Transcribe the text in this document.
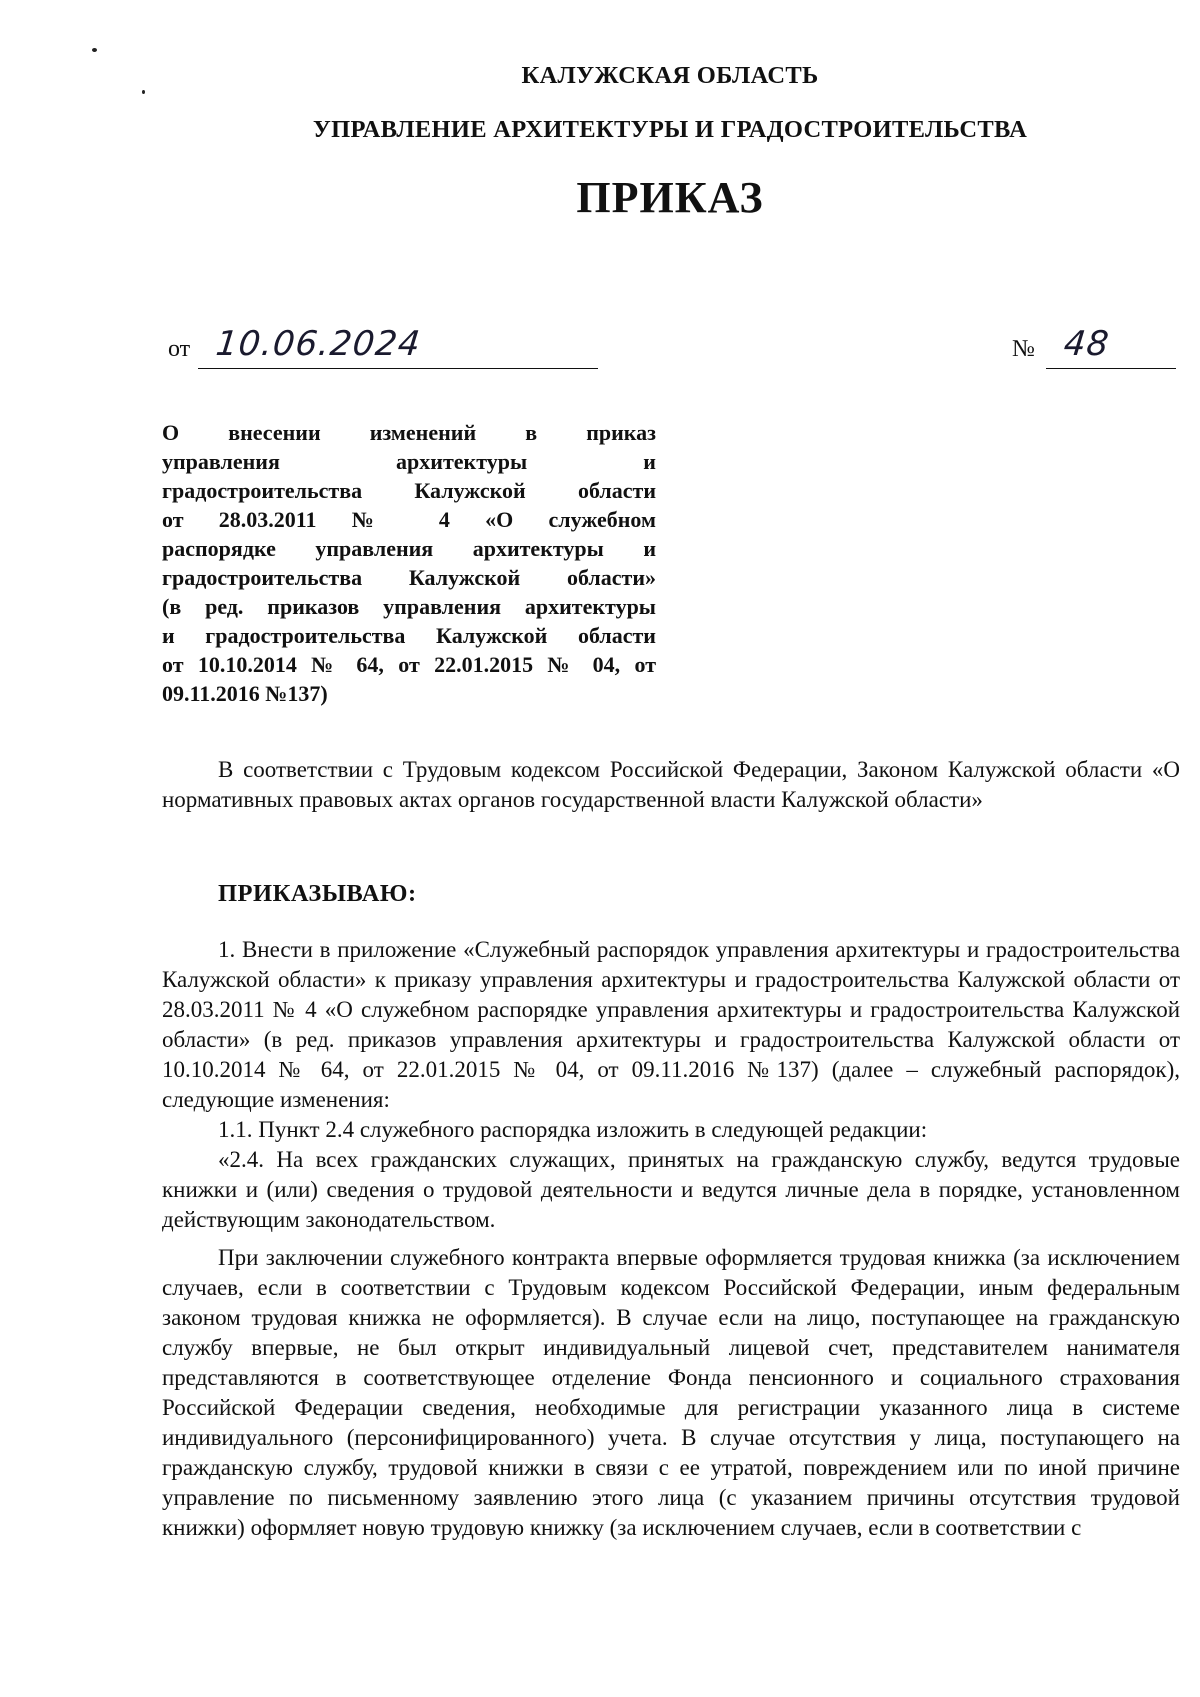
КАЛУЖСКАЯ ОБЛАСТЬ
УПРАВЛЕНИЕ АРХИТЕКТУРЫ И ГРАДОСТРОИТЕЛЬСТВА
ПРИКАЗ
от 10.06.2024	№ 48
О внесении изменений в приказ
управления архитектуры и
градостроительства Калужской области
от 28.03.2011 № 4 «О служебном
распорядке управления архитектуры и
градостроительства Калужской области»
(в ред. приказов управления архитектуры
и градостроительства Калужской области
от 10.10.2014 № 64, от 22.01.2015 № 04, от
09.11.2016 №137)
В соответствии с Трудовым кодексом Российской Федерации, Законом Калужской области «О нормативных правовых актах органов государственной власти Калужской области»
ПРИКАЗЫВАЮ:

1. Внести в приложение «Служебный распорядок управления архитектуры и градостроительства Калужской области» к приказу управления архитектуры и градостроительства Калужской области от 28.03.2011 № 4 «О служебном распорядке управления архитектуры и градостроительства Калужской области» (в ред. приказов управления архитектуры и градостроительства Калужской области от 10.10.2014 № 64, от 22.01.2015 № 04, от 09.11.2016 №137) (далее – служебный распорядок), следующие изменения:

1.1. Пункт 2.4 служебного распорядка изложить в следующей редакции:

«2.4. На всех гражданских служащих, принятых на гражданскую службу, ведутся трудовые книжки и (или) сведения о трудовой деятельности и ведутся личные дела в порядке, установленном действующим законодательством.

При заключении служебного контракта впервые оформляется трудовая книжка (за исключением случаев, если в соответствии с Трудовым кодексом Российской Федерации, иным федеральным законом трудовая книжка не оформляется). В случае если на лицо, поступающее на гражданскую службу впервые, не был открыт индивидуальный лицевой счет, представителем нанимателя представляются в соответствующее отделение Фонда пенсионного и социального страхования Российской Федерации сведения, необходимые для регистрации указанного лица в системе индивидуального (персонифицированного) учета. В случае отсутствия у лица, поступающего на гражданскую службу, трудовой книжки в связи с ее утратой, повреждением или по иной причине управление по письменному заявлению этого лица (с указанием причины отсутствия трудовой книжки) оформляет новую трудовую книжку (за исключением случаев, если в соответствии с
